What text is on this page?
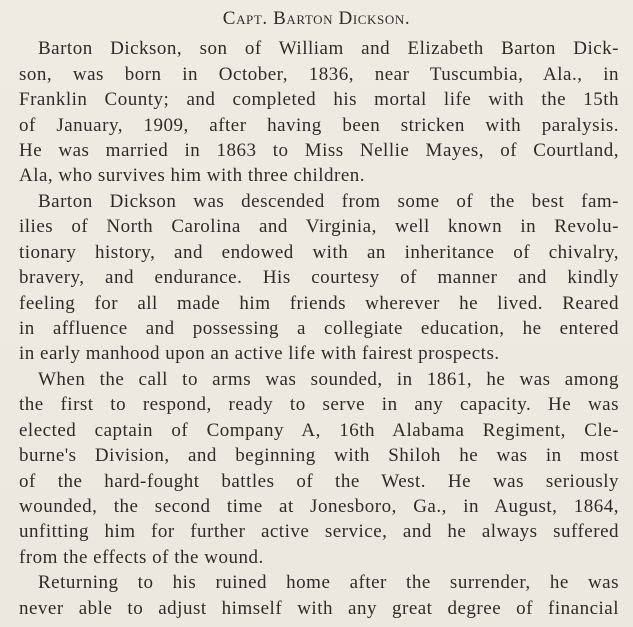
Capt. Barton Dickson.
Barton Dickson, son of William and Elizabeth Barton Dick-
son, was born in October, 1836, near Tuscumbia, Ala., in
Franklin County; and completed his mortal life with the 15th
of January, 1909, after having been stricken with paralysis.
He was married in 1863 to Miss Nellie Mayes, of Courtland,
Ala, who survives him with three children.
Barton Dickson was descended from some of the best fam-
ilies of North Carolina and Virginia, well known in Revolu-
tionary history, and endowed with an inheritance of chivalry,
bravery, and endurance. His courtesy of manner and kindly
feeling for all made him friends wherever he lived. Reared
in affluence and possessing a collegiate education, he entered
in early manhood upon an active life with fairest prospects.
When the call to arms was sounded, in 1861, he was among
the first to respond, ready to serve in any capacity. He was
elected captain of Company A, 16th Alabama Regiment, Cle-
burne's Division, and beginning with Shiloh he was in most
of the hard-fought battles of the West. He was seriously
wounded, the second time at Jonesboro, Ga., in August, 1864,
unfitting him for further active service, and he always suffered
from the effects of the wound.
Returning to his ruined home after the surrender, he was
never able to adjust himself with any great degree of financial
